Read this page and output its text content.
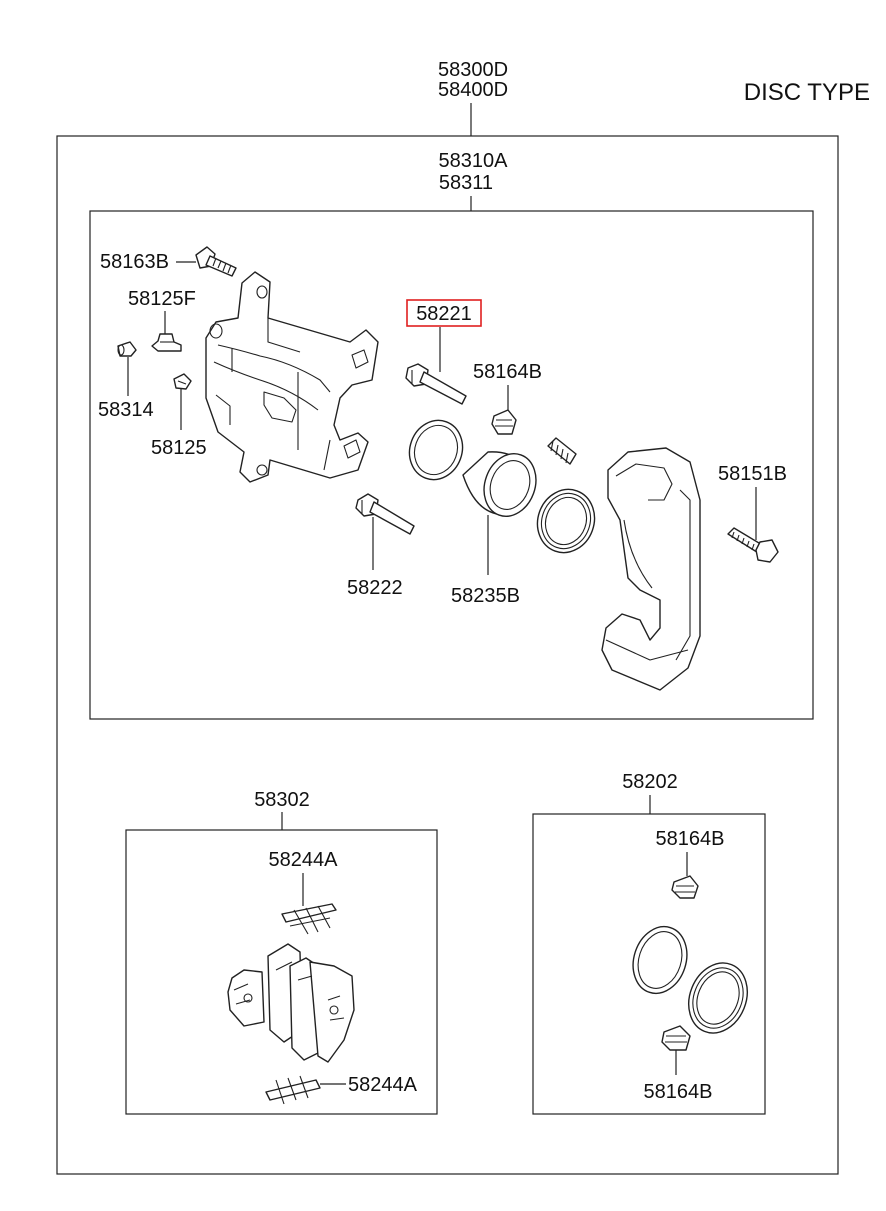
DISC TYPE
58300D
58400D
58310A
58311
58163B
58125F
58314
58125
58221
58164B
58235B
58222
58151B
58302
58244A
58244A
58202
58164B
58164B
